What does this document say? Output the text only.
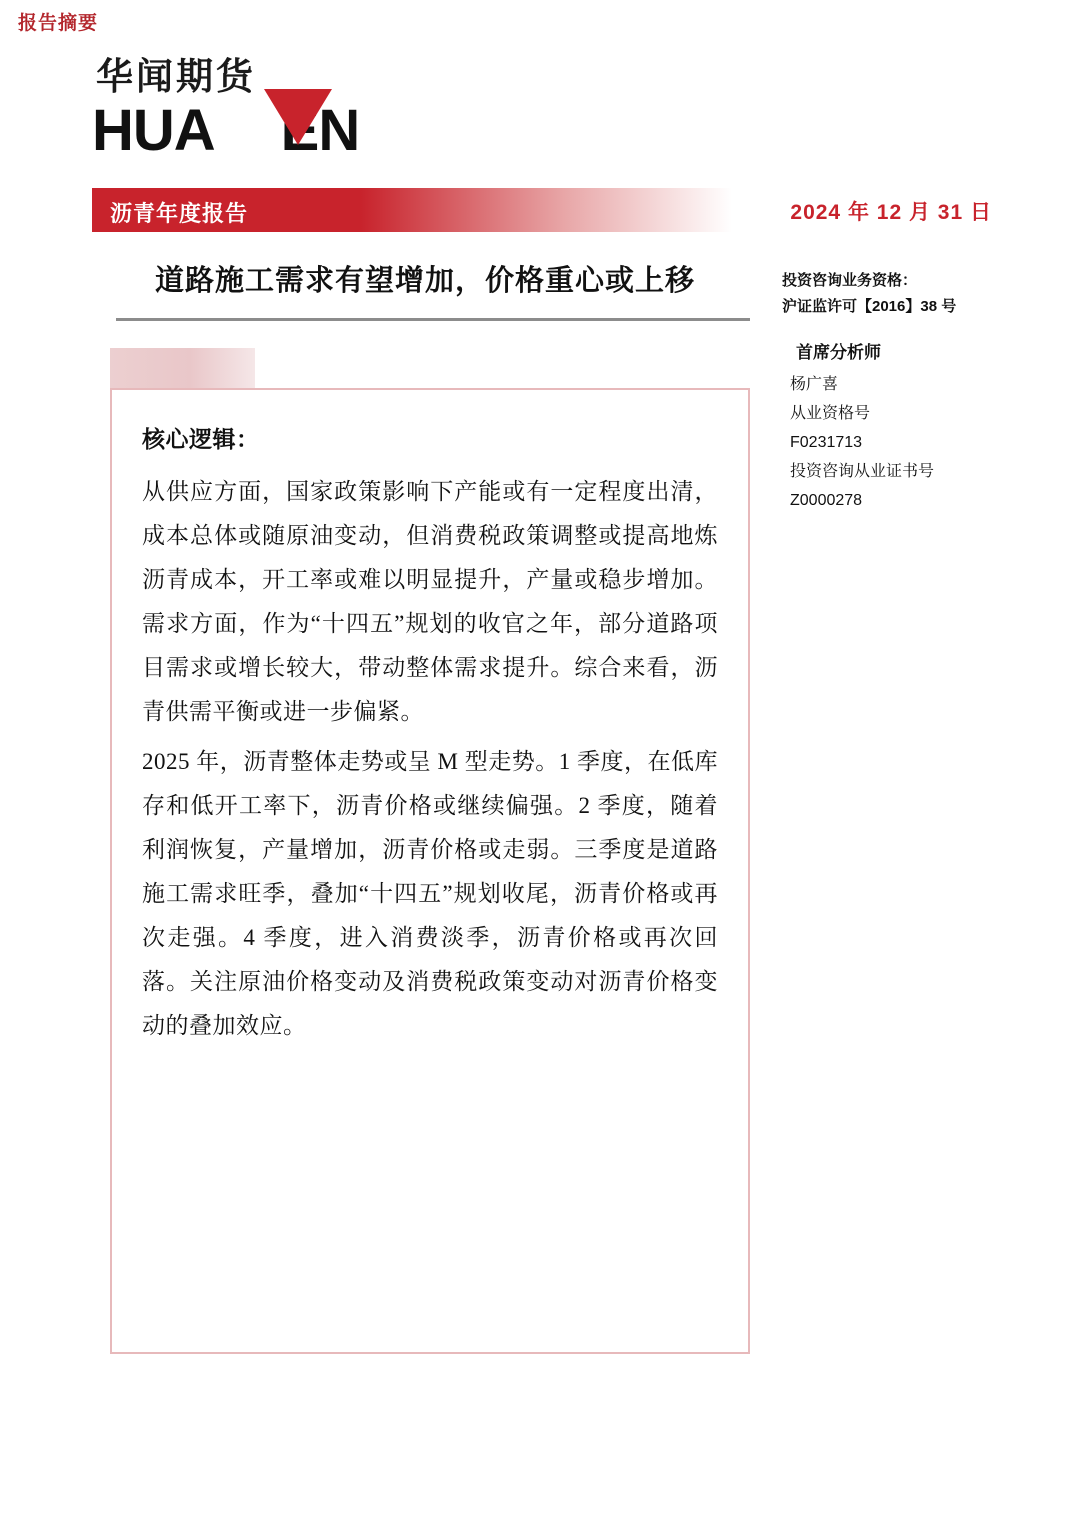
华闻期货
HUA EN
沥青年度报告	2024 年 12 月 31 日
道路施工需求有望增加，价格重心或上移
报告摘要

核心逻辑：

从供应方面，国家政策影响下产能或有一定程度出清，成本总体或随原油变动，但消费税政策调整或提高地炼沥青成本，开工率或难以明显提升，产量或稳步增加。需求方面，作为“十四五”规划的收官之年，部分道路项目需求或增长较大，带动整体需求提升。综合来看，沥青供需平衡或进一步偏紧。

2025 年，沥青整体走势或呈 M 型走势。1 季度，在低库存和低开工率下，沥青价格或继续偏强。2 季度，随着利润恢复，产量增加，沥青价格或走弱。三季度是道路施工需求旺季，叠加“十四五”规划收尾，沥青价格或再次走强。4 季度，进入消费淡季，沥青价格或再次回落。关注原油价格变动及消费税政策变动对沥青价格变动的叠加效应。

投资咨询业务资格：
沪证监许可【2016】38 号
首席分析师
杨广喜
从业资格号
F0231713
投资咨询从业证书号
Z0000278
